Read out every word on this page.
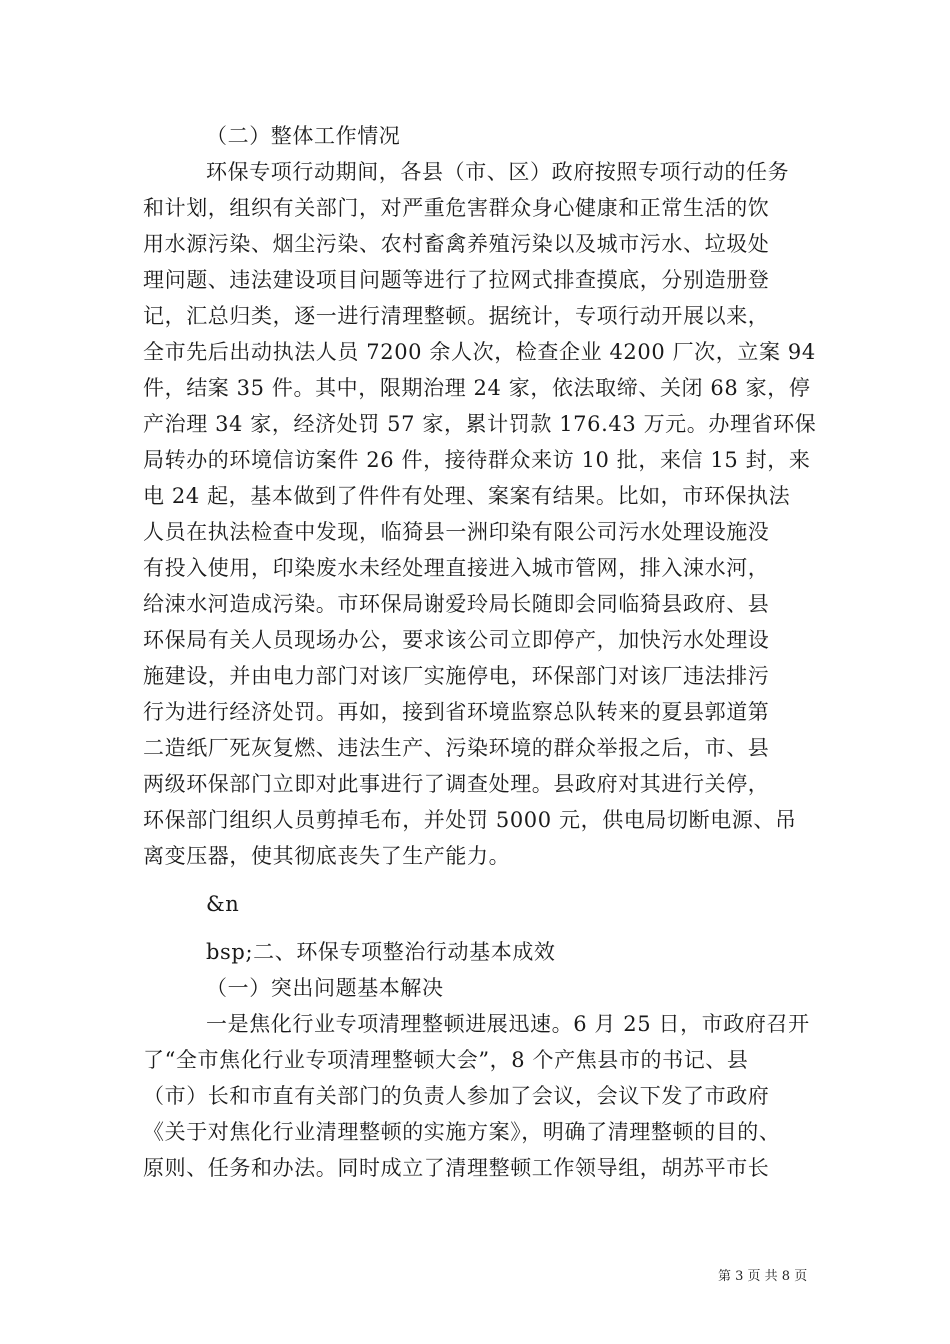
（二）整体工作情况
环保专项行动期间，各县（市、区）政府按照专项行动的任务
和计划，组织有关部门，对严重危害群众身心健康和正常生活的饮
用水源污染、烟尘污染、农村畜禽养殖污染以及城市污水、垃圾处
理问题、违法建设项目问题等进行了拉网式排查摸底，分别造册登
记，汇总归类，逐一进行清理整顿。据统计，专项行动开展以来，
全市先后出动执法人员 7200 余人次，检查企业 4200 厂次，立案 94
件，结案 35 件。其中，限期治理 24 家，依法取缔、关闭 68 家，停
产治理 34 家，经济处罚 57 家，累计罚款 176.43 万元。办理省环保
局转办的环境信访案件 26 件，接待群众来访 10 批，来信 15 封，来
电 24 起，基本做到了件件有处理、案案有结果。比如，市环保执法
人员在执法检查中发现，临猗县一洲印染有限公司污水处理设施没
有投入使用，印染废水未经处理直接进入城市管网，排入涑水河，
给涑水河造成污染。市环保局谢爱玲局长随即会同临猗县政府、县
环保局有关人员现场办公，要求该公司立即停产，加快污水处理设
施建设，并由电力部门对该厂实施停电，环保部门对该厂违法排污
行为进行经济处罚。再如，接到省环境监察总队转来的夏县郭道第
二造纸厂死灰复燃、违法生产、污染环境的群众举报之后，市、县
两级环保部门立即对此事进行了调查处理。县政府对其进行关停，
环保部门组织人员剪掉毛布，并处罚 5000 元，供电局切断电源、吊
离变压器，使其彻底丧失了生产能力。
&n
bsp;二、环保专项整治行动基本成效
（一）突出问题基本解决
一是焦化行业专项清理整顿进展迅速。6 月 25 日，市政府召开
了“全市焦化行业专项清理整顿大会”，8 个产焦县市的书记、县
（市）长和市直有关部门的负责人参加了会议，会议下发了市政府
《关于对焦化行业清理整顿的实施方案》，明确了清理整顿的目的、
原则、任务和办法。同时成立了清理整顿工作领导组，胡苏平市长
第 3 页 共 8 页
